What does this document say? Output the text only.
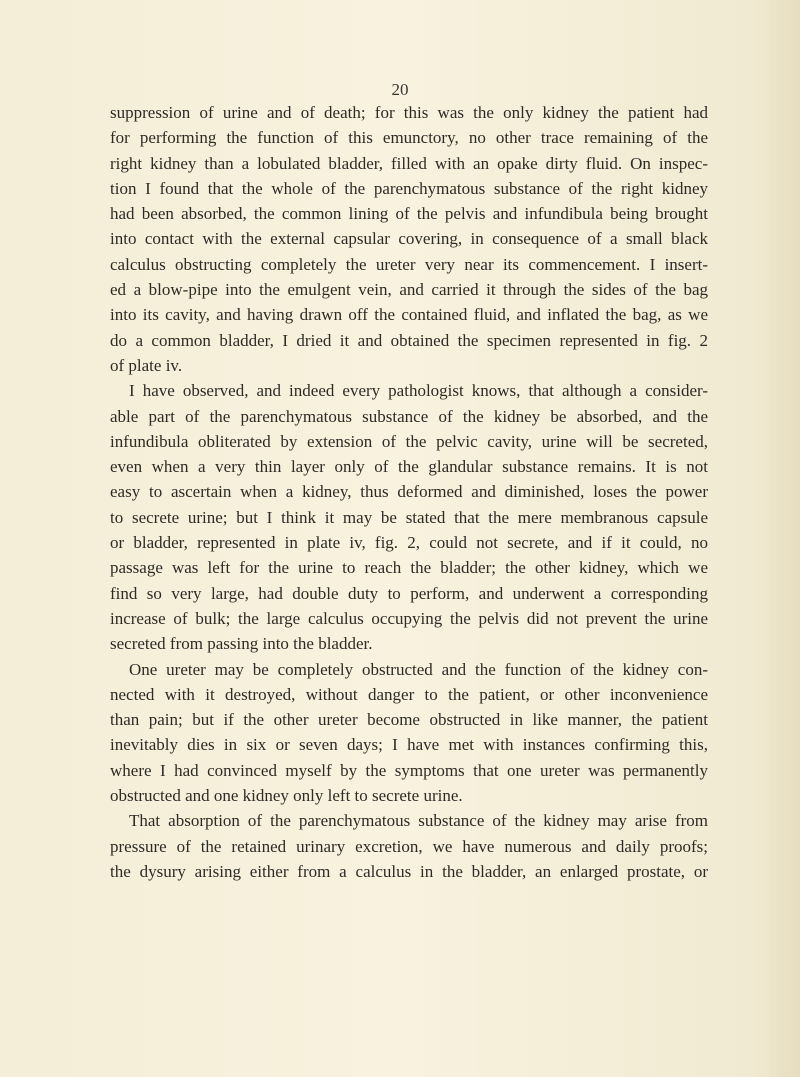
20
suppression of urine and of death; for this was the only kidney the patient had
for performing the function of this emunctory, no other trace remaining of the
right kidney than a lobulated bladder, filled with an opake dirty fluid. On inspec-
tion I found that the whole of the parenchymatous substance of the right kidney
had been absorbed, the common lining of the pelvis and infundibula being brought
into contact with the external capsular covering, in consequence of a small black
calculus obstructing completely the ureter very near its commencement. I insert-
ed a blow-pipe into the emulgent vein, and carried it through the sides of the bag
into its cavity, and having drawn off the contained fluid, and inflated the bag, as we
do a common bladder, I dried it and obtained the specimen represented in fig. 2
of plate iv.
I have observed, and indeed every pathologist knows, that although a consider-
able part of the parenchymatous substance of the kidney be absorbed, and the
infundibula obliterated by extension of the pelvic cavity, urine will be secreted,
even when a very thin layer only of the glandular substance remains. It is not
easy to ascertain when a kidney, thus deformed and diminished, loses the power
to secrete urine; but I think it may be stated that the mere membranous capsule
or bladder, represented in plate iv, fig. 2, could not secrete, and if it could, no
passage was left for the urine to reach the bladder; the other kidney, which we
find so very large, had double duty to perform, and underwent a corresponding
increase of bulk; the large calculus occupying the pelvis did not prevent the urine
secreted from passing into the bladder.
One ureter may be completely obstructed and the function of the kidney con-
nected with it destroyed, without danger to the patient, or other inconvenience
than pain; but if the other ureter become obstructed in like manner, the patient
inevitably dies in six or seven days; I have met with instances confirming this,
where I had convinced myself by the symptoms that one ureter was permanently
obstructed and one kidney only left to secrete urine.
That absorption of the parenchymatous substance of the kidney may arise from
pressure of the retained urinary excretion, we have numerous and daily proofs;
the dysury arising either from a calculus in the bladder, an enlarged prostate, or
